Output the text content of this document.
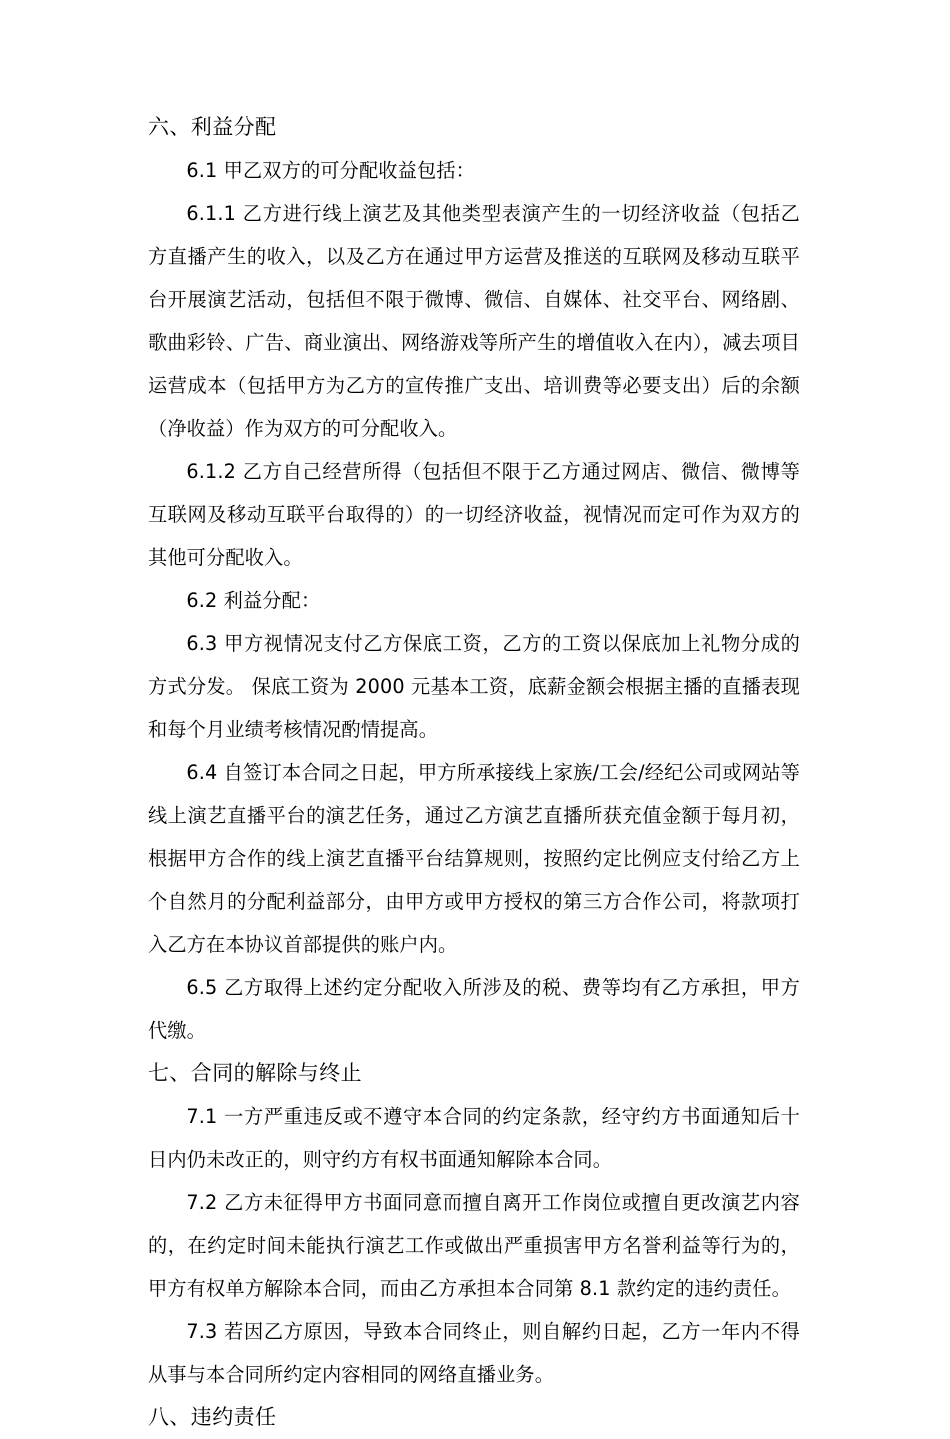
六、利益分配

6.1 甲乙双方的可分配收益包括：

6.1.1 乙方进行线上演艺及其他类型表演产生的一切经济收益（包括乙方直播产生的收入，以及乙方在通过甲方运营及推送的互联网及移动互联平台开展演艺活动，包括但不限于微博、微信、自媒体、社交平台、网络剧、歌曲彩铃、广告、商业演出、网络游戏等所产生的增值收入在内），减去项目运营成本（包括甲方为乙方的宣传推广支出、培训费等必要支出）后的余额（净收益）作为双方的可分配收入。

6.1.2 乙方自己经营所得（包括但不限于乙方通过网店、微信、微博等互联网及移动互联平台取得的）的一切经济收益，视情况而定可作为双方的其他可分配收入。

6.2 利益分配：

6.3 甲方视情况支付乙方保底工资，乙方的工资以保底加上礼物分成的方式分发。 保底工资为 2000 元基本工资，底薪金额会根据主播的直播表现和每个月业绩考核情况酌情提高。

6.4 自签订本合同之日起，甲方所承接线上家族/工会/经纪公司或网站等线上演艺直播平台的演艺任务，通过乙方演艺直播所获充值金额于每月初，根据甲方合作的线上演艺直播平台结算规则，按照约定比例应支付给乙方上个自然月的分配利益部分，由甲方或甲方授权的第三方合作公司，将款项打入乙方在本协议首部提供的账户内。

6.5 乙方取得上述约定分配收入所涉及的税、费等均有乙方承担，甲方代缴。

七、合同的解除与终止

7.1 一方严重违反或不遵守本合同的约定条款，经守约方书面通知后十日内仍未改正的，则守约方有权书面通知解除本合同。

7.2 乙方未征得甲方书面同意而擅自离开工作岗位或擅自更改演艺内容的，在约定时间未能执行演艺工作或做出严重损害甲方名誉利益等行为的，甲方有权单方解除本合同，而由乙方承担本合同第 8.1 款约定的违约责任。

7.3 若因乙方原因，导致本合同终止，则自解约日起，乙方一年内不得从事与本合同所约定内容相同的网络直播业务。

八、违约责任
